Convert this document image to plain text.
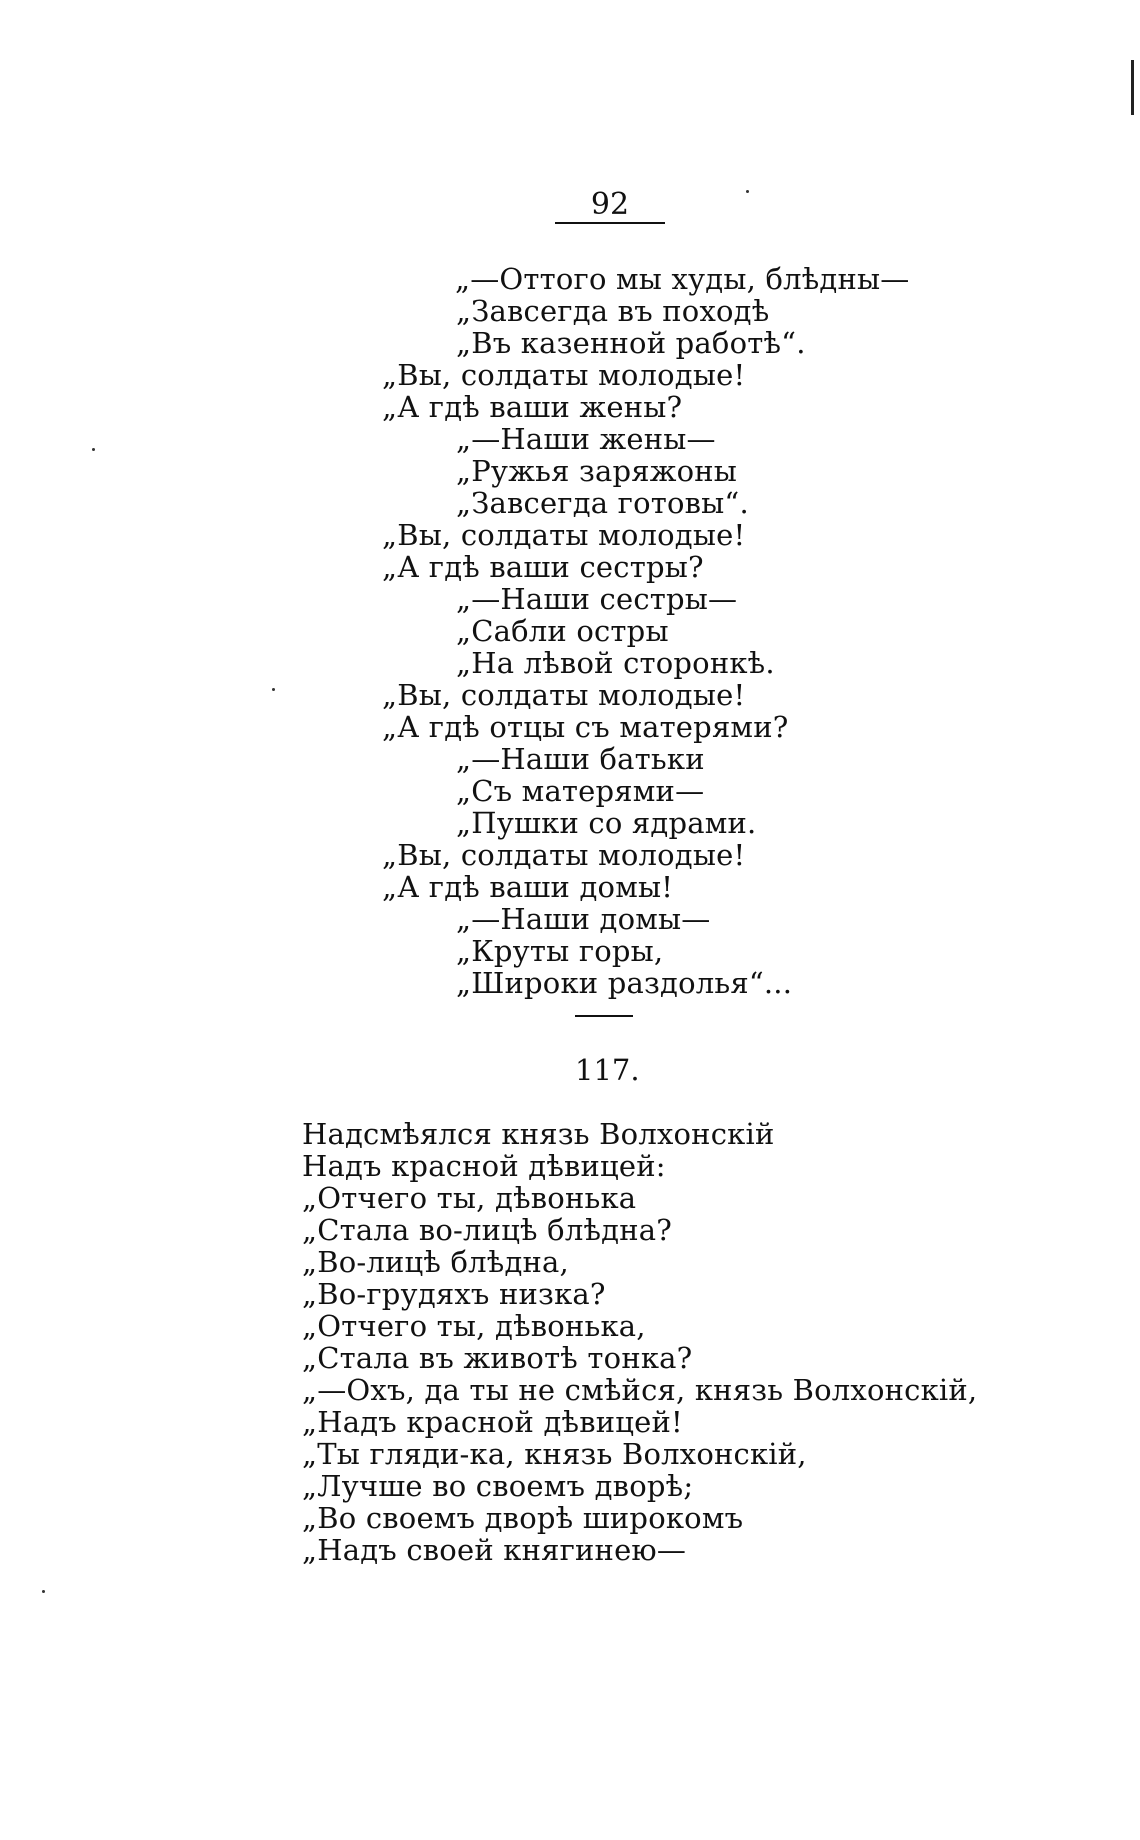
92
„—Оттого мы худы, блѣдны—
„Завсегда въ походѣ
„Въ казенной работѣ“.
„Вы, солдаты молодые!
„А гдѣ ваши жены?
„—Наши жены—
„Ружья заряжоны
„Завсегда готовы“.
„Вы, солдаты молодые!
„А гдѣ ваши сестры?
„—Наши сестры—
„Сабли остры
„На лѣвой сторонкѣ.
„Вы, солдаты молодые!
„А гдѣ отцы съ матерями?
„—Наши батьки
„Съ матерями—
„Пушки со ядрами.
„Вы, солдаты молодые!
„А гдѣ ваши домы!
„—Наши домы—
„Круты горы,
„Широки раздолья“...
117.
Надсмѣялся князь Волхонскій
Надъ красной дѣвицей:
„Отчего ты, дѣвонька
„Стала во-лицѣ блѣдна?
„Во-лицѣ блѣдна,
„Во-грудяхъ низка?
„Отчего ты, дѣвонька,
„Стала въ животѣ тонка?
„—Охъ, да ты не смѣйся, князь Волхонскій,
„Надъ красной дѣвицей!
„Ты гляди-ка, князь Волхонскій,
„Лучше во своемъ дворѣ;
„Во своемъ дворѣ широкомъ
„Надъ своей княгинею—
